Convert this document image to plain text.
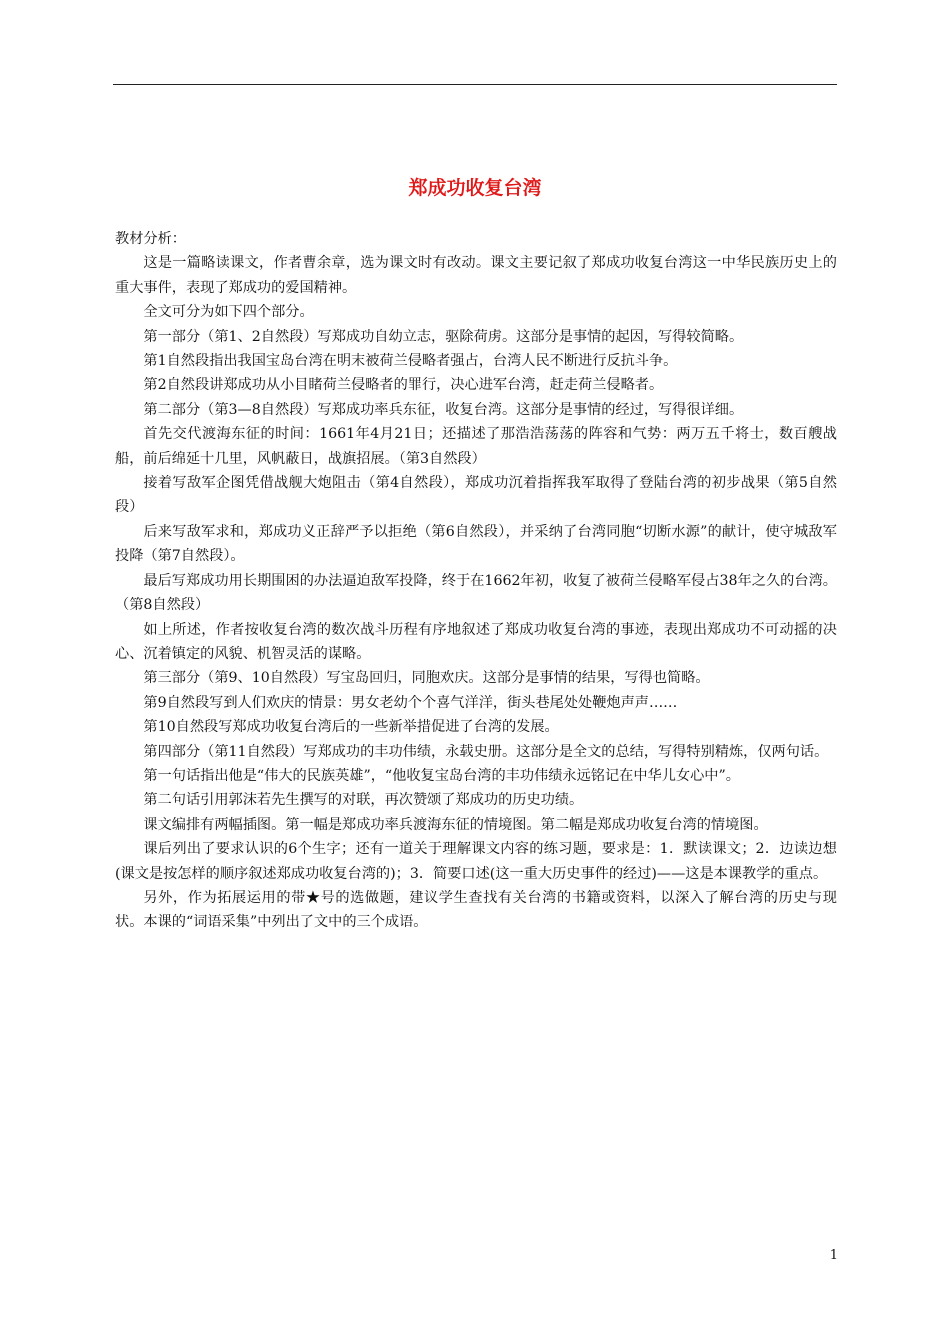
郑成功收复台湾

教材分析：

这是一篇略读课文，作者曹余章，选为课文时有改动。课文主要记叙了郑成功收复台湾这一中华民族历史上的重大事件，表现了郑成功的爱国精神。

全文可分为如下四个部分。

第一部分（第1、2自然段）写郑成功自幼立志，驱除荷虏。这部分是事情的起因，写得较简略。

第1自然段指出我国宝岛台湾在明末被荷兰侵略者强占，台湾人民不断进行反抗斗争。

第2自然段讲郑成功从小目睹荷兰侵略者的罪行，决心进军台湾，赶走荷兰侵略者。

第二部分（第3—8自然段）写郑成功率兵东征，收复台湾。这部分是事情的经过，写得很详细。

首先交代渡海东征的时间：1661年4月21日；还描述了那浩浩荡荡的阵容和气势：两万五千将士，数百艘战船，前后绵延十几里，风帆蔽日，战旗招展。（第3自然段）

接着写敌军企图凭借战舰大炮阻击（第4自然段），郑成功沉着指挥我军取得了登陆台湾的初步战果（第5自然段）

后来写敌军求和，郑成功义正辞严予以拒绝（第6自然段），并采纳了台湾同胞“切断水源”的献计，使守城敌军投降（第7自然段）。

最后写郑成功用长期围困的办法逼迫敌军投降，终于在1662年初，收复了被荷兰侵略军侵占38年之久的台湾。（第8自然段）

如上所述，作者按收复台湾的数次战斗历程有序地叙述了郑成功收复台湾的事迹，表现出郑成功不可动摇的决心、沉着镇定的风貌、机智灵活的谋略。

第三部分（第9、10自然段）写宝岛回归，同胞欢庆。这部分是事情的结果，写得也简略。

第9自然段写到人们欢庆的情景：男女老幼个个喜气洋洋，街头巷尾处处鞭炮声声……

第10自然段写郑成功收复台湾后的一些新举措促进了台湾的发展。

第四部分（第11自然段）写郑成功的丰功伟绩，永载史册。这部分是全文的总结，写得特别精炼，仅两句话。

第一句话指出他是“伟大的民族英雄”，“他收复宝岛台湾的丰功伟绩永远铭记在中华儿女心中”。

第二句话引用郭沫若先生撰写的对联，再次赞颂了郑成功的历史功绩。

课文编排有两幅插图。第一幅是郑成功率兵渡海东征的情境图。第二幅是郑成功收复台湾的情境图。

课后列出了要求认识的6个生字；还有一道关于理解课文内容的练习题，要求是：1．默读课文；2．边读边想(课文是按怎样的顺序叙述郑成功收复台湾的)；3．简要口述(这一重大历史事件的经过)——这是本课教学的重点。

另外，作为拓展运用的带★号的选做题，建议学生查找有关台湾的书籍或资料，以深入了解台湾的历史与现状。本课的“词语采集”中列出了文中的三个成语。

1
